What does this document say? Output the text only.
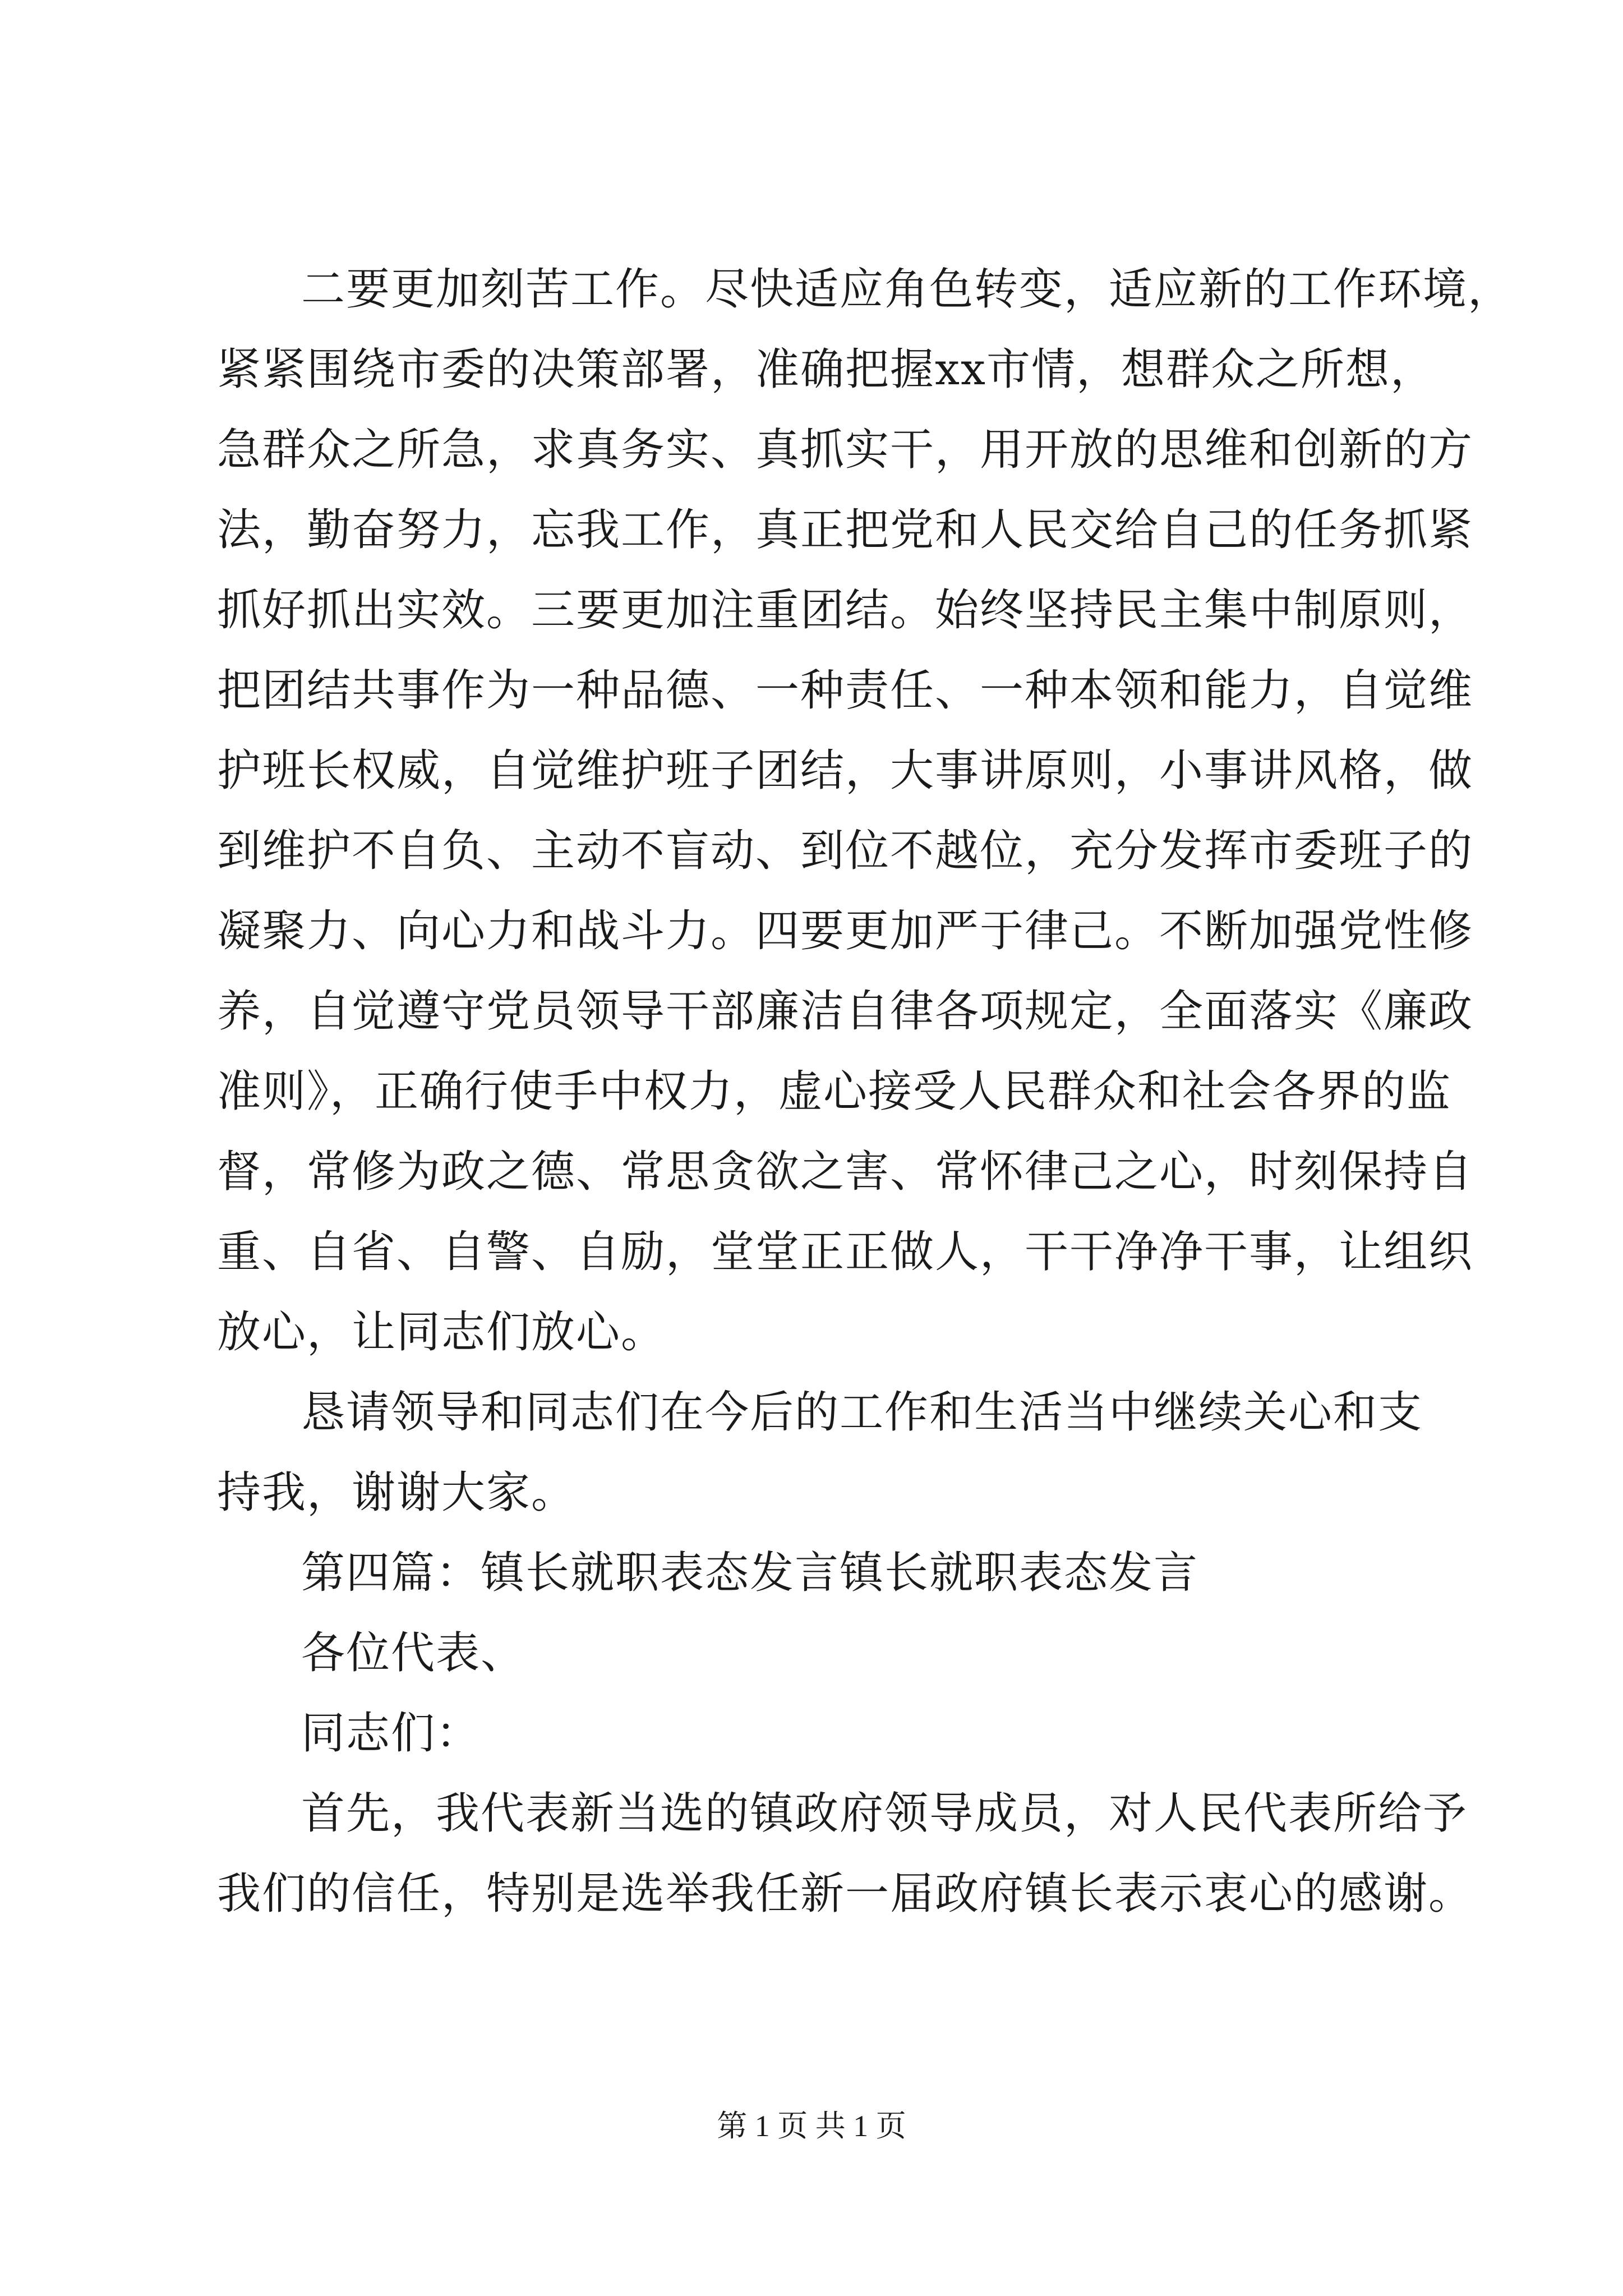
二要更加刻苦工作。尽快适应角色转变，适应新的工作环境，
紧紧围绕市委的决策部署，准确把握xx市情，想群众之所想，
急群众之所急，求真务实、真抓实干，用开放的思维和创新的方
法，勤奋努力，忘我工作，真正把党和人民交给自己的任务抓紧
抓好抓出实效。三要更加注重团结。始终坚持民主集中制原则，
把团结共事作为一种品德、一种责任、一种本领和能力，自觉维
护班长权威，自觉维护班子团结，大事讲原则，小事讲风格，做
到维护不自负、主动不盲动、到位不越位，充分发挥市委班子的
凝聚力、向心力和战斗力。四要更加严于律己。不断加强党性修
养，自觉遵守党员领导干部廉洁自律各项规定，全面落实《廉政
准则》，正确行使手中权力，虚心接受人民群众和社会各界的监
督，常修为政之德、常思贪欲之害、常怀律己之心，时刻保持自
重、自省、自警、自励，堂堂正正做人，干干净净干事，让组织
放心，让同志们放心。
恳请领导和同志们在今后的工作和生活当中继续关心和支
持我，谢谢大家。
第四篇：镇长就职表态发言镇长就职表态发言
各位代表、
同志们：
首先，我代表新当选的镇政府领导成员，对人民代表所给予
我们的信任，特别是选举我任新一届政府镇长表示衷心的感谢。
第 1 页 共 1 页
